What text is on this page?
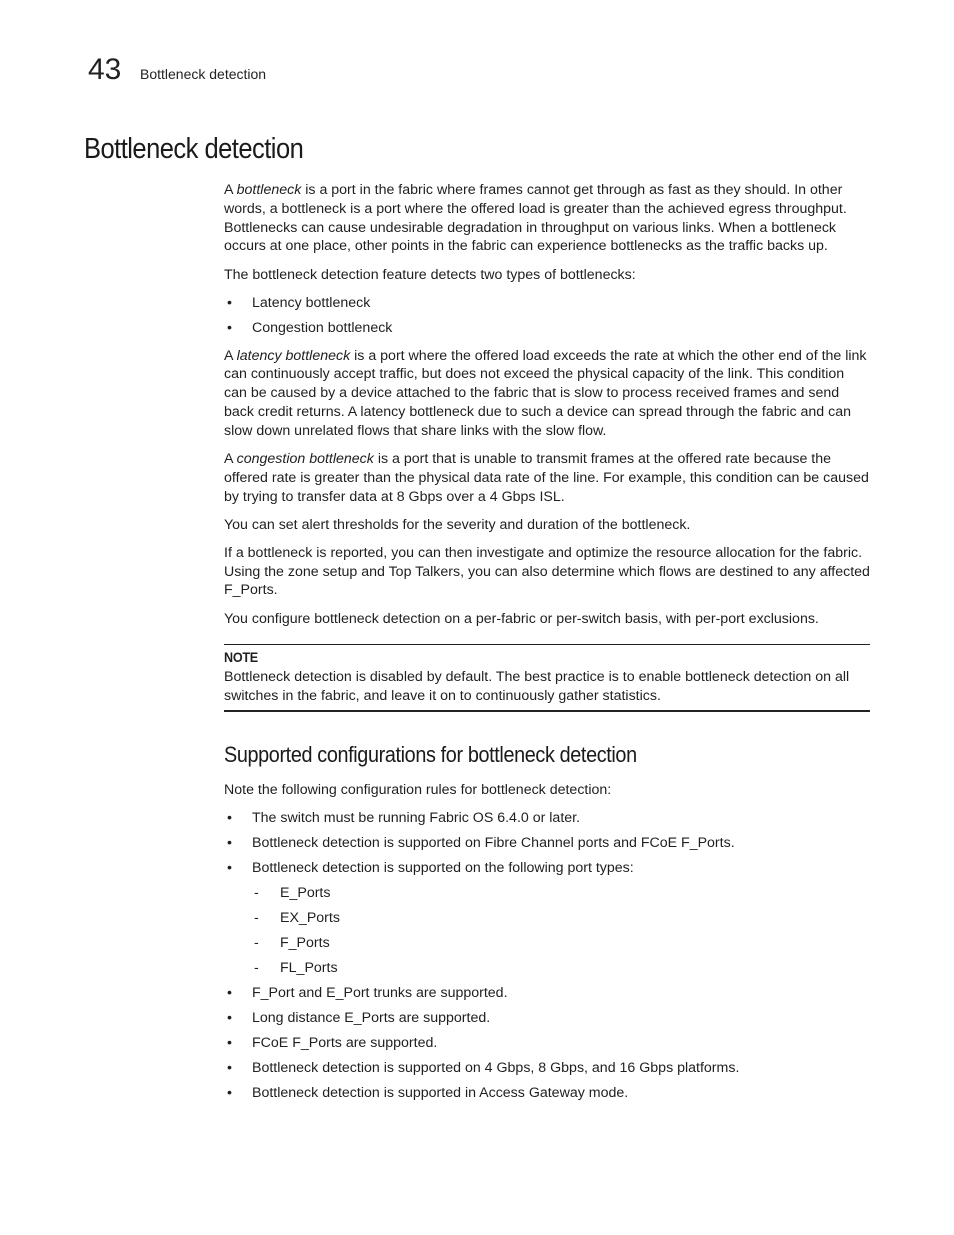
43 Bottleneck detection
Bottleneck detection

A bottleneck is a port in the fabric where frames cannot get through as fast as they should. In other words, a bottleneck is a port where the offered load is greater than the achieved egress throughput. Bottlenecks can cause undesirable degradation in throughput on various links. When a bottleneck occurs at one place, other points in the fabric can experience bottlenecks as the traffic backs up.

The bottleneck detection feature detects two types of bottlenecks:

• Latency bottleneck
• Congestion bottleneck

A latency bottleneck is a port where the offered load exceeds the rate at which the other end of the link can continuously accept traffic, but does not exceed the physical capacity of the link. This condition can be caused by a device attached to the fabric that is slow to process received frames and send back credit returns. A latency bottleneck due to such a device can spread through the fabric and can slow down unrelated flows that share links with the slow flow.

A congestion bottleneck is a port that is unable to transmit frames at the offered rate because the offered rate is greater than the physical data rate of the line. For example, this condition can be caused by trying to transfer data at 8 Gbps over a 4 Gbps ISL.

You can set alert thresholds for the severity and duration of the bottleneck.

If a bottleneck is reported, you can then investigate and optimize the resource allocation for the fabric. Using the zone setup and Top Talkers, you can also determine which flows are destined to any affected F_Ports.

You configure bottleneck detection on a per-fabric or per-switch basis, with per-port exclusions.

NOTE
Bottleneck detection is disabled by default. The best practice is to enable bottleneck detection on all switches in the fabric, and leave it on to continuously gather statistics.
Supported configurations for bottleneck detection

Note the following configuration rules for bottleneck detection:

• The switch must be running Fabric OS 6.4.0 or later.
• Bottleneck detection is supported on Fibre Channel ports and FCoE F_Ports.
• Bottleneck detection is supported on the following port types:
- E_Ports
- EX_Ports
- F_Ports
- FL_Ports
• F_Port and E_Port trunks are supported.
• Long distance E_Ports are supported.
• FCoE F_Ports are supported.
• Bottleneck detection is supported on 4 Gbps, 8 Gbps, and 16 Gbps platforms.
• Bottleneck detection is supported in Access Gateway mode.
